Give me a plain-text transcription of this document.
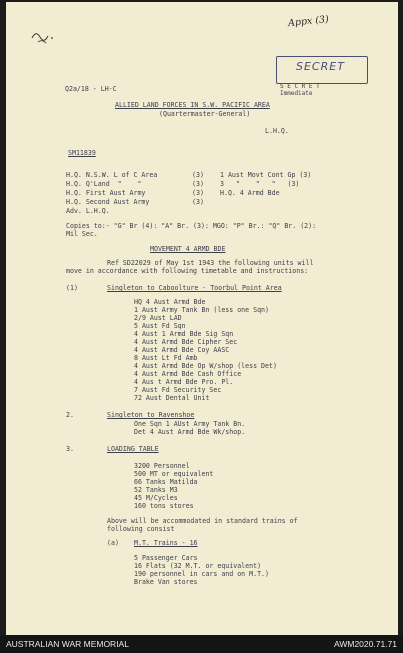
Appx (3)
SECRET
S E C R E T
Immediate
Q2a/18 - LH-C
ALLIED LAND FORCES IN S.W. PACIFIC AREA
(Quartermaster-General)
L.H.Q.
SM11839
H.Q. N.S.W. L of C Area	(3) 1 Aust Movt Cont Gp (3)
H.Q. Q'Land  "    "	(3) 3   "    "   "   (3)
H.Q. First Aust Army	(3) H.Q. 4 Armd Bde
H.Q. Second Aust Army	(3)
Adv. L.H.Q.
Copies to:- "G" Br (4): "A" Br. (3): MGO: "P" Br.: "Q" Br. (2):
Mil Sec.
MOVEMENT 4 ARMD BDE
Ref SD22029 of May 1st 1943 the following units will
move in accordance with following timetable and instructions:
(1)	Singleton to Caboolture - Toorbul Point Area
HQ 4 Aust Armd Bde
1 Aust Army Tank Bn (less one Sqn)
2/9 Aust LAD
5 Aust Fd Sqn
4 Aust 1 Armd Bde Sig Sqn
4 Aust Armd Bde Cipher Sec
4 Aust Armd Bde Coy AASC
8 Aust Lt Fd Amb
4 Aust Armd Bde Op W/shop (less Det)
4 Aust Armd Bde Cash Office
4 Aus t Armd Bde Pro. Pl.
7 Aust Fd Security Sec
72 Aust Dental Unit
2.	Singleton to Ravenshoe
One Sqn 1 AUst Army Tank Bn.
Det 4 Aust Armd Bde Wk/shop.
3.	LOADING TABLE
3200 Personnel
500 MT or equivalent
66 Tanks Matilda
52 Tanks M3
45 M/Cycles
160 tons stores
Above will be accommodated in standard trains of
following consist
(a) M.T. Trains - 16
5 Passenger Cars
16 Flats (32 M.T. or equivalent)
190 personnel in cars and on M.T.)
Brake Van stores
AUSTRALIAN WAR MEMORIAL	AWM2020.71.71
